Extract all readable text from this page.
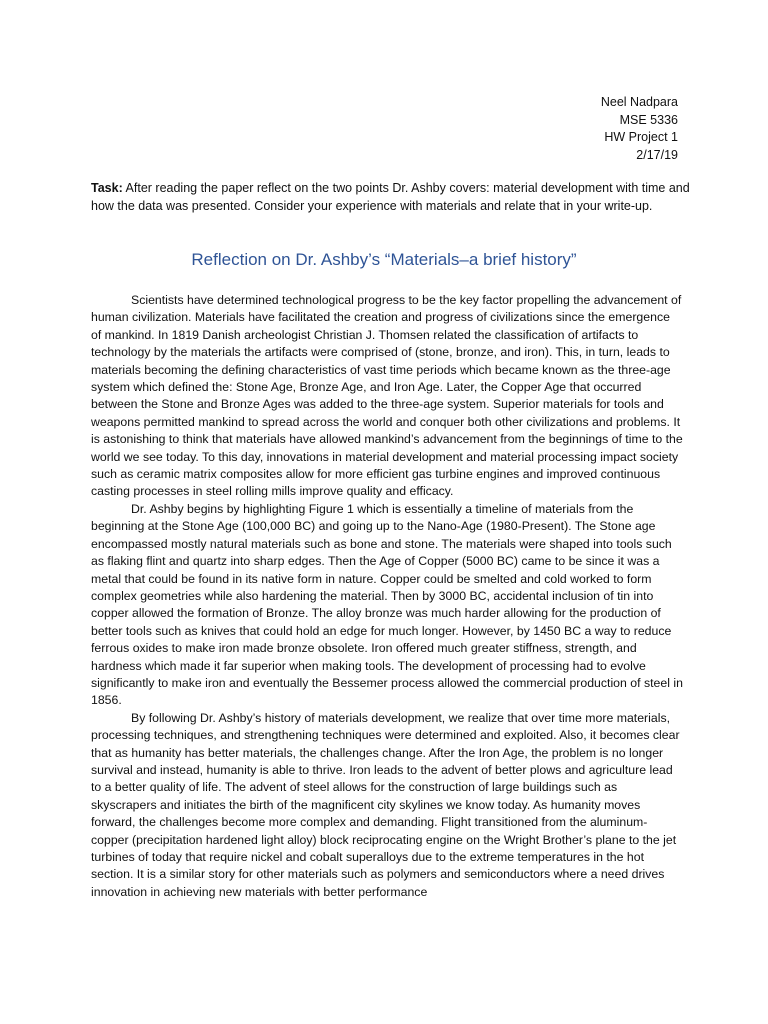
Neel Nadpara
MSE 5336
HW Project 1
2/17/19
Task: After reading the paper reflect on the two points Dr. Ashby covers: material development with time and how the data was presented. Consider your experience with materials and relate that in your write-up.
Reflection on Dr. Ashby’s “Materials–a brief history”

Scientists have determined technological progress to be the key factor propelling the advancement of human civilization. Materials have facilitated the creation and progress of civilizations since the emergence of mankind. In 1819 Danish archeologist Christian J. Thomsen related the classification of artifacts to technology by the materials the artifacts were comprised of (stone, bronze, and iron). This, in turn, leads to materials becoming the defining characteristics of vast time periods which became known as the three-age system which defined the: Stone Age, Bronze Age, and Iron Age. Later, the Copper Age that occurred between the Stone and Bronze Ages was added to the three-age system. Superior materials for tools and weapons permitted mankind to spread across the world and conquer both other civilizations and problems. It is astonishing to think that materials have allowed mankind’s advancement from the beginnings of time to the world we see today. To this day, innovations in material development and material processing impact society such as ceramic matrix composites allow for more efficient gas turbine engines and improved continuous casting processes in steel rolling mills improve quality and efficacy.

Dr. Ashby begins by highlighting Figure 1 which is essentially a timeline of materials from the beginning at the Stone Age (100,000 BC) and going up to the Nano-Age (1980-Present). The Stone age encompassed mostly natural materials such as bone and stone. The materials were shaped into tools such as flaking flint and quartz into sharp edges. Then the Age of Copper (5000 BC) came to be since it was a metal that could be found in its native form in nature. Copper could be smelted and cold worked to form complex geometries while also hardening the material. Then by 3000 BC, accidental inclusion of tin into copper allowed the formation of Bronze. The alloy bronze was much harder allowing for the production of better tools such as knives that could hold an edge for much longer. However, by 1450 BC a way to reduce ferrous oxides to make iron made bronze obsolete. Iron offered much greater stiffness, strength, and hardness which made it far superior when making tools. The development of processing had to evolve significantly to make iron and eventually the Bessemer process allowed the commercial production of steel in 1856.

By following Dr. Ashby’s history of materials development, we realize that over time more materials, processing techniques, and strengthening techniques were determined and exploited. Also, it becomes clear that as humanity has better materials, the challenges change. After the Iron Age, the problem is no longer survival and instead, humanity is able to thrive. Iron leads to the advent of better plows and agriculture lead to a better quality of life. The advent of steel allows for the construction of large buildings such as skyscrapers and initiates the birth of the magnificent city skylines we know today. As humanity moves forward, the challenges become more complex and demanding. Flight transitioned from the aluminum-copper (precipitation hardened light alloy) block reciprocating engine on the Wright Brother’s plane to the jet turbines of today that require nickel and cobalt superalloys due to the extreme temperatures in the hot section. It is a similar story for other materials such as polymers and semiconductors where a need drives innovation in achieving new materials with better performance
